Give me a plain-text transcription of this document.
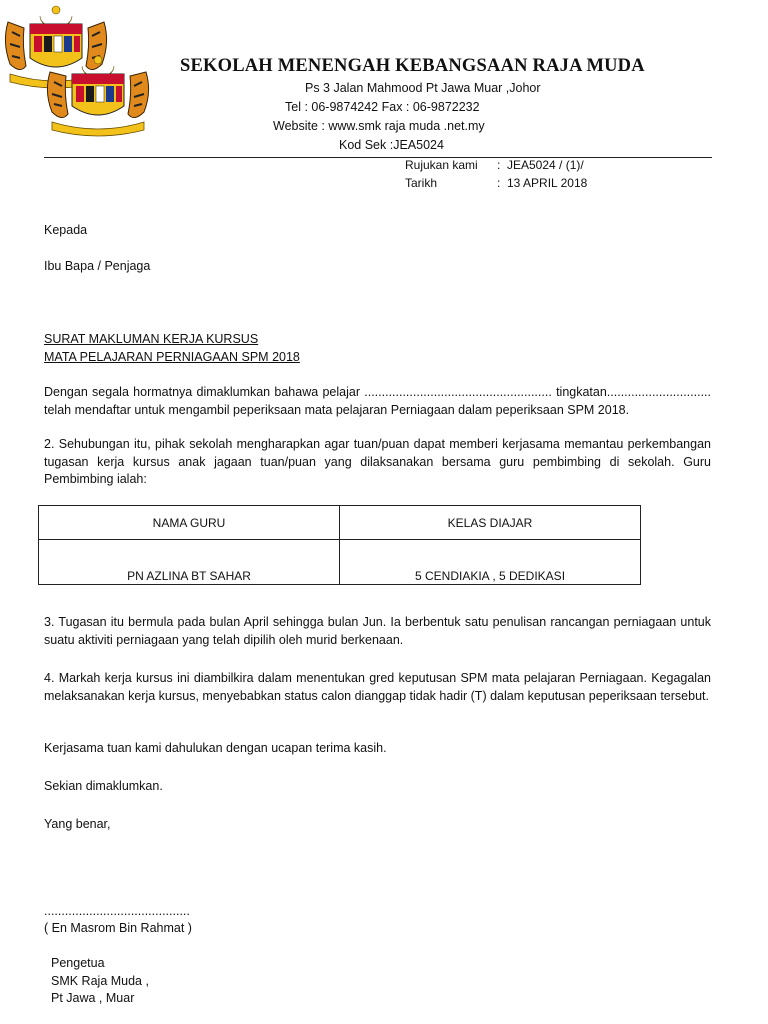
SEKOLAH MENENGAH KEBANGSAAN RAJA MUDA
Ps 3 Jalan Mahmood Pt Jawa Muar ,Johor
Tel : 06-9874242 Fax : 06-9872232
Website : www.smk raja muda .net.my
Kod Sek :JEA5024
Rujukan kami : JEA5024 / (1)/
Tarikh	: 13 APRIL 2018
Kepada
Ibu Bapa / Penjaga
SURAT MAKLUMAN KERJA KURSUS
MATA PELAJARAN PERNIAGAAN SPM 2018
Dengan segala hormatnya dimaklumkan bahawa pelajar ...................................................... tingkatan.............................. telah mendaftar untuk mengambil peperiksaan mata pelajaran Perniagaan dalam peperiksaan SPM 2018.
2. Sehubungan itu, pihak sekolah mengharapkan agar tuan/puan dapat memberi kerjasama memantau perkembangan tugasan kerja kursus anak jagaan tuan/puan yang dilaksanakan bersama guru pembimbing di sekolah. Guru Pembimbing ialah:
NAMA GURU	KELAS DIAJAR
PN AZLINA BT SAHAR	5 CENDIAKIA , 5 DEDIKASI
3. Tugasan itu bermula pada bulan April sehingga bulan Jun. Ia berbentuk satu penulisan rancangan perniagaan untuk suatu aktiviti perniagaan yang telah dipilih oleh murid berkenaan.
4. Markah kerja kursus ini diambilkira dalam menentukan gred keputusan SPM mata pelajaran Perniagaan. Kegagalan melaksanakan kerja kursus, menyebabkan status calon dianggap tidak hadir (T) dalam keputusan peperiksaan tersebut.
Kerjasama tuan kami dahulukan dengan ucapan terima kasih.
Sekian dimaklumkan.
Yang benar,
..........................................
( En Masrom Bin Rahmat )
Pengetua
SMK Raja Muda ,
Pt Jawa , Muar
